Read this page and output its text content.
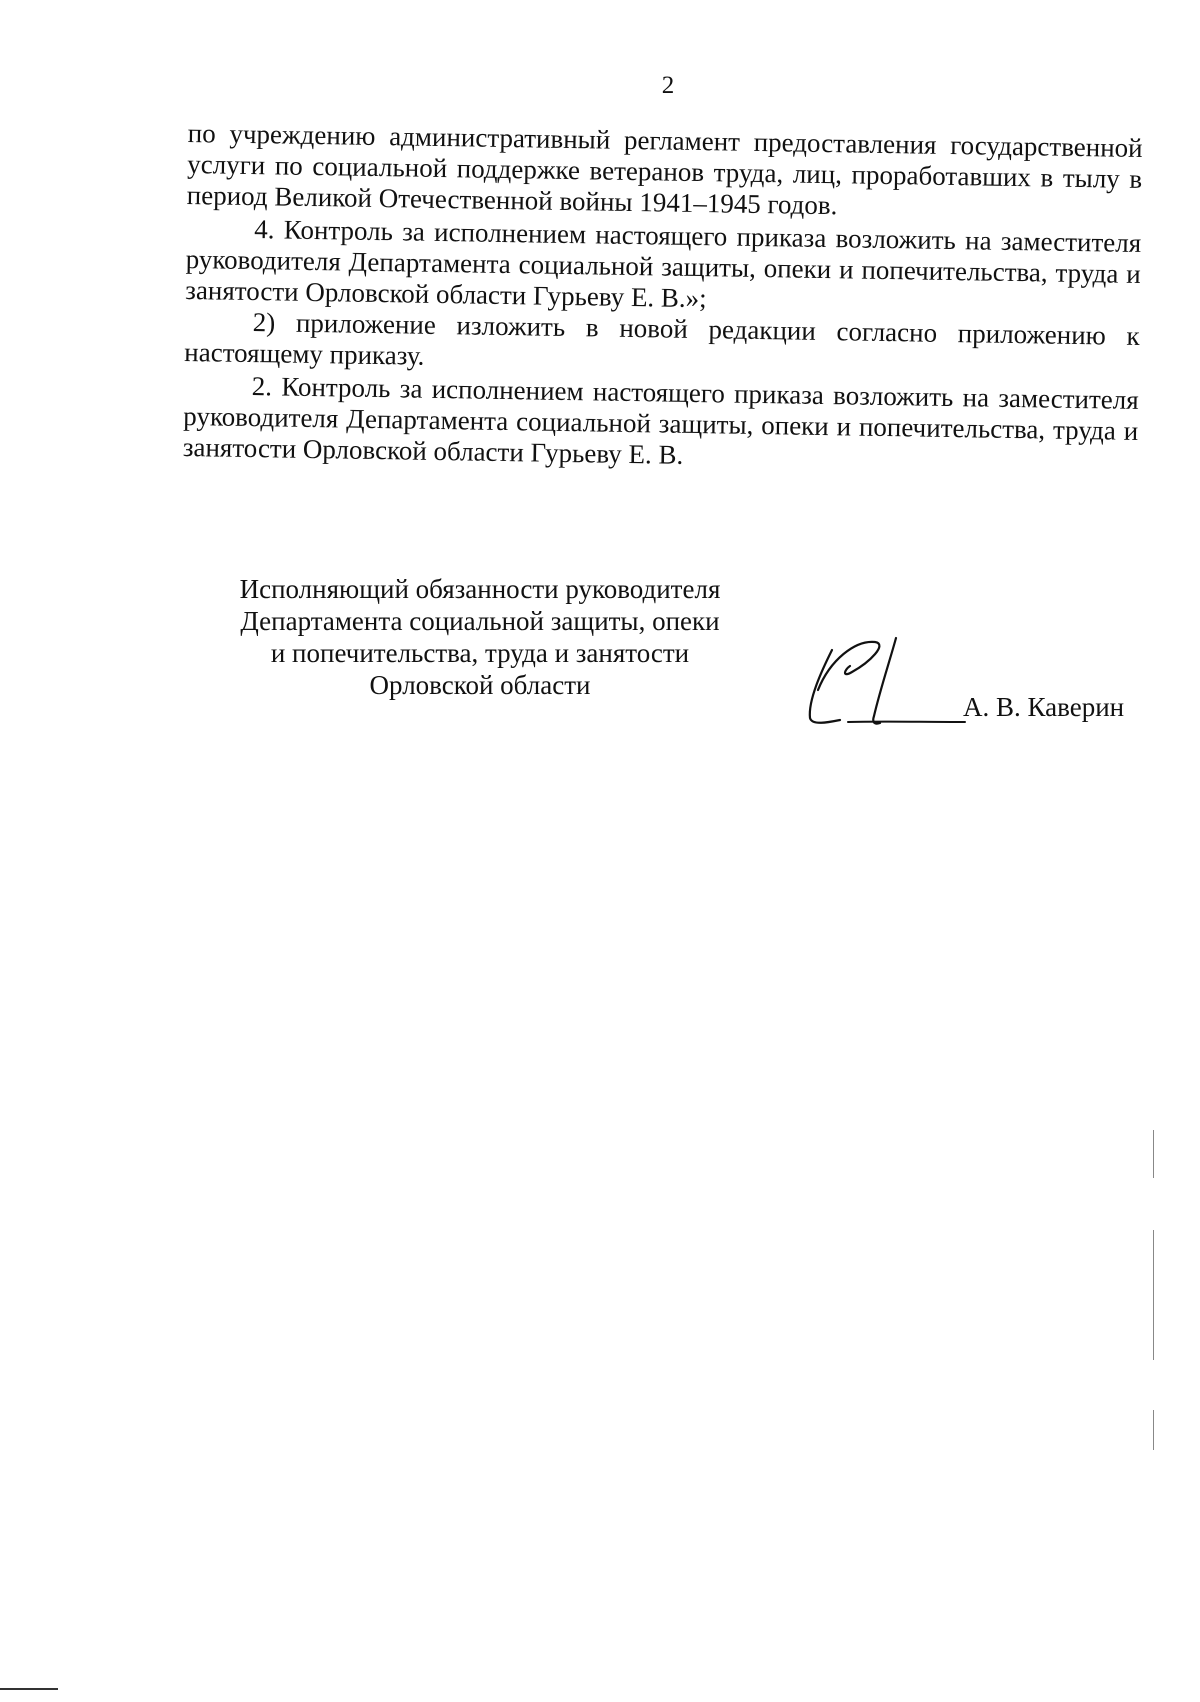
2

по учреждению административный регламент предоставления государственной услуги по социальной поддержке ветеранов труда, лиц, проработавших в тылу в период Великой Отечественной войны 1941–1945 годов.

4. Контроль за исполнением настоящего приказа возложить на заместителя руководителя Департамента социальной защиты, опеки и попечительства, труда и занятости Орловской области Гурьеву Е. В.»;

2) приложение изложить в новой редакции согласно приложению к настоящему приказу.

2. Контроль за исполнением настоящего приказа возложить на заместителя руководителя Департамента социальной защиты, опеки и попечительства, труда и занятости Орловской области Гурьеву Е. В.

Исполняющий обязанности руководителя
Департамента социальной защиты, опеки
и попечительства, труда и занятости
Орловской области
А. В. Каверин
